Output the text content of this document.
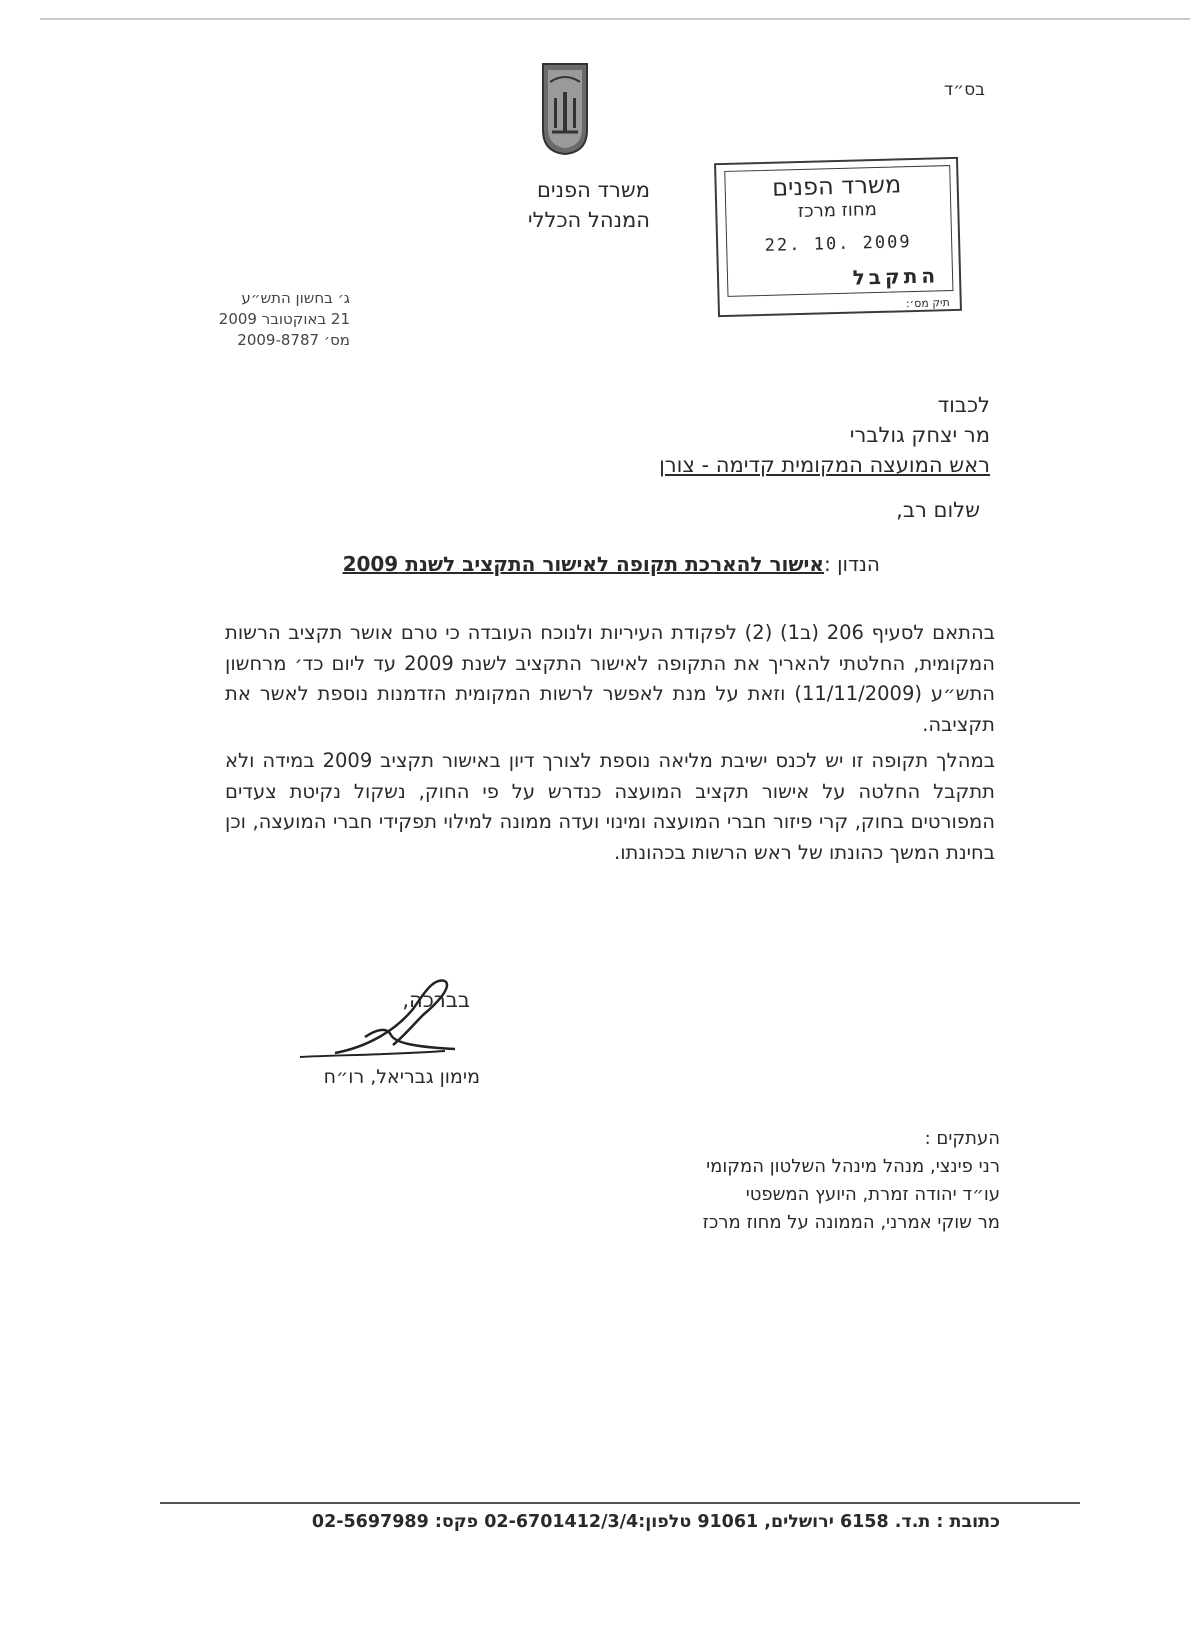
משרד הפנים
המנהל הכללי
בס״ד
משרד הפנים
מחוז מרכז
22. 10. 2009
התקבל
תיק מס׳:
ג׳ בחשון התש״ע
21 באוקטובר 2009
מס׳ 2009-8787
לכבוד
מר יצחק גולברי
ראש המועצה המקומית קדימה - צורן
שלום רב,
הנדון :אישור להארכת תקופה לאישור התקציב לשנת 2009

בהתאם לסעיף 206 (ב1) (2) לפקודת העיריות ולנוכח העובדה כי טרם אושר תקציב הרשות המקומית, החלטתי להאריך את התקופה לאישור התקציב לשנת 2009 עד ליום כד׳ מרחשון התש״ע (11/11/2009) וזאת על מנת לאפשר לרשות המקומית הזדמנות נוספת לאשר את תקציבה.

במהלך תקופה זו יש לכנס ישיבת מליאה נוספת לצורך דיון באישור תקציב 2009 במידה ולא תתקבל החלטה על אישור תקציב המועצה כנדרש על פי החוק, נשקול נקיטת צעדים המפורטים בחוק, קרי פיזור חברי המועצה ומינוי ועדה ממונה למילוי תפקידי חברי המועצה, וכן בחינת המשך כהונתו של ראש הרשות בכהונתו.

בברכה,
מימון גבריאל, רו״ח
העתקים :
רני פינצי, מנהל מינהל השלטון המקומי
עו״ד יהודה זמרת, היועץ המשפטי
מר שוקי אמרני, הממונה על מחוז מרכז
כתובת : ת.ד. 6158 ירושלים, 91061 טלפון:02-6701412/3/4 פקס: 02-5697989
